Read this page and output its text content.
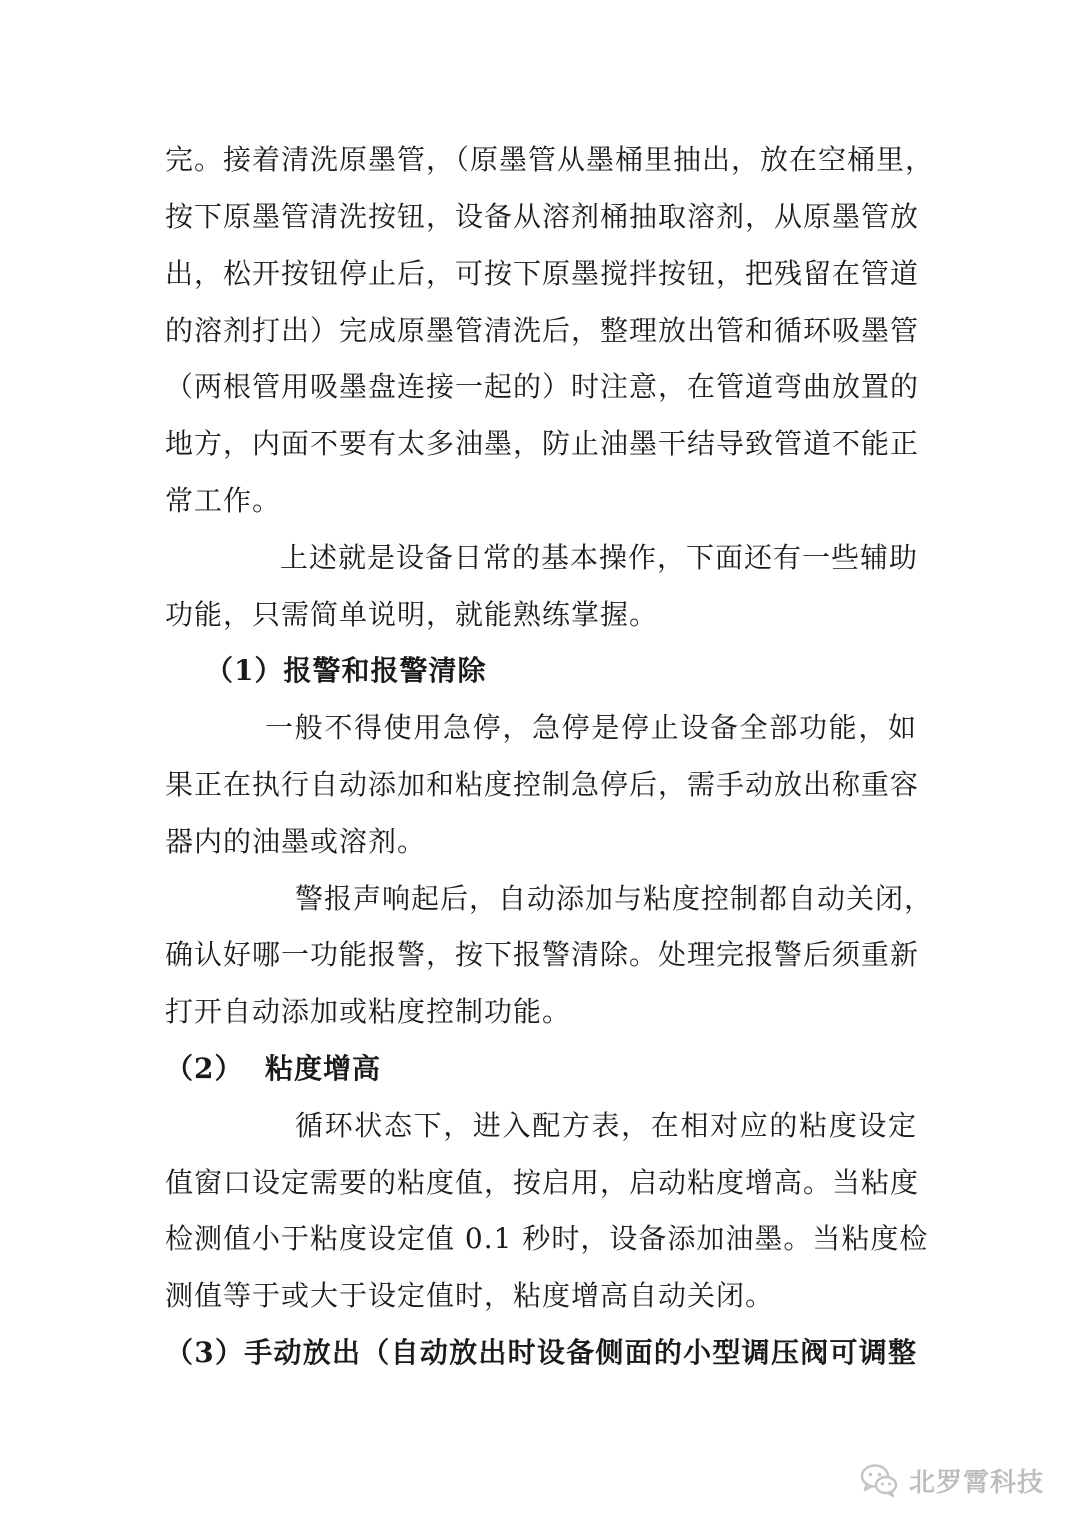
完。接着清洗原墨管，（原墨管从墨桶里抽出，放在空桶里，
按下原墨管清洗按钮，设备从溶剂桶抽取溶剂，从原墨管放
出，松开按钮停止后，可按下原墨搅拌按钮，把残留在管道
的溶剂打出）完成原墨管清洗后，整理放出管和循环吸墨管
（两根管用吸墨盘连接一起的）时注意，在管道弯曲放置的
地方，内面不要有太多油墨，防止油墨干结导致管道不能正
常工作。
上述就是设备日常的基本操作，下面还有一些辅助
功能，只需简单说明，就能熟练掌握。
（1）报警和报警清除
一般不得使用急停，急停是停止设备全部功能，如
果正在执行自动添加和粘度控制急停后，需手动放出称重容
器内的油墨或溶剂。
警报声响起后，自动添加与粘度控制都自动关闭，
确认好哪一功能报警，按下报警清除。处理完报警后须重新
打开自动添加或粘度控制功能。
（2）  粘度增高
循环状态下，进入配方表，在相对应的粘度设定
值窗口设定需要的粘度值，按启用，启动粘度增高。当粘度
检测值小于粘度设定值 0.1 秒时，设备添加油墨。当粘度检
测值等于或大于设定值时，粘度增高自动关闭。
（3）手动放出（自动放出时设备侧面的小型调压阀可调整
北罗霄科技
